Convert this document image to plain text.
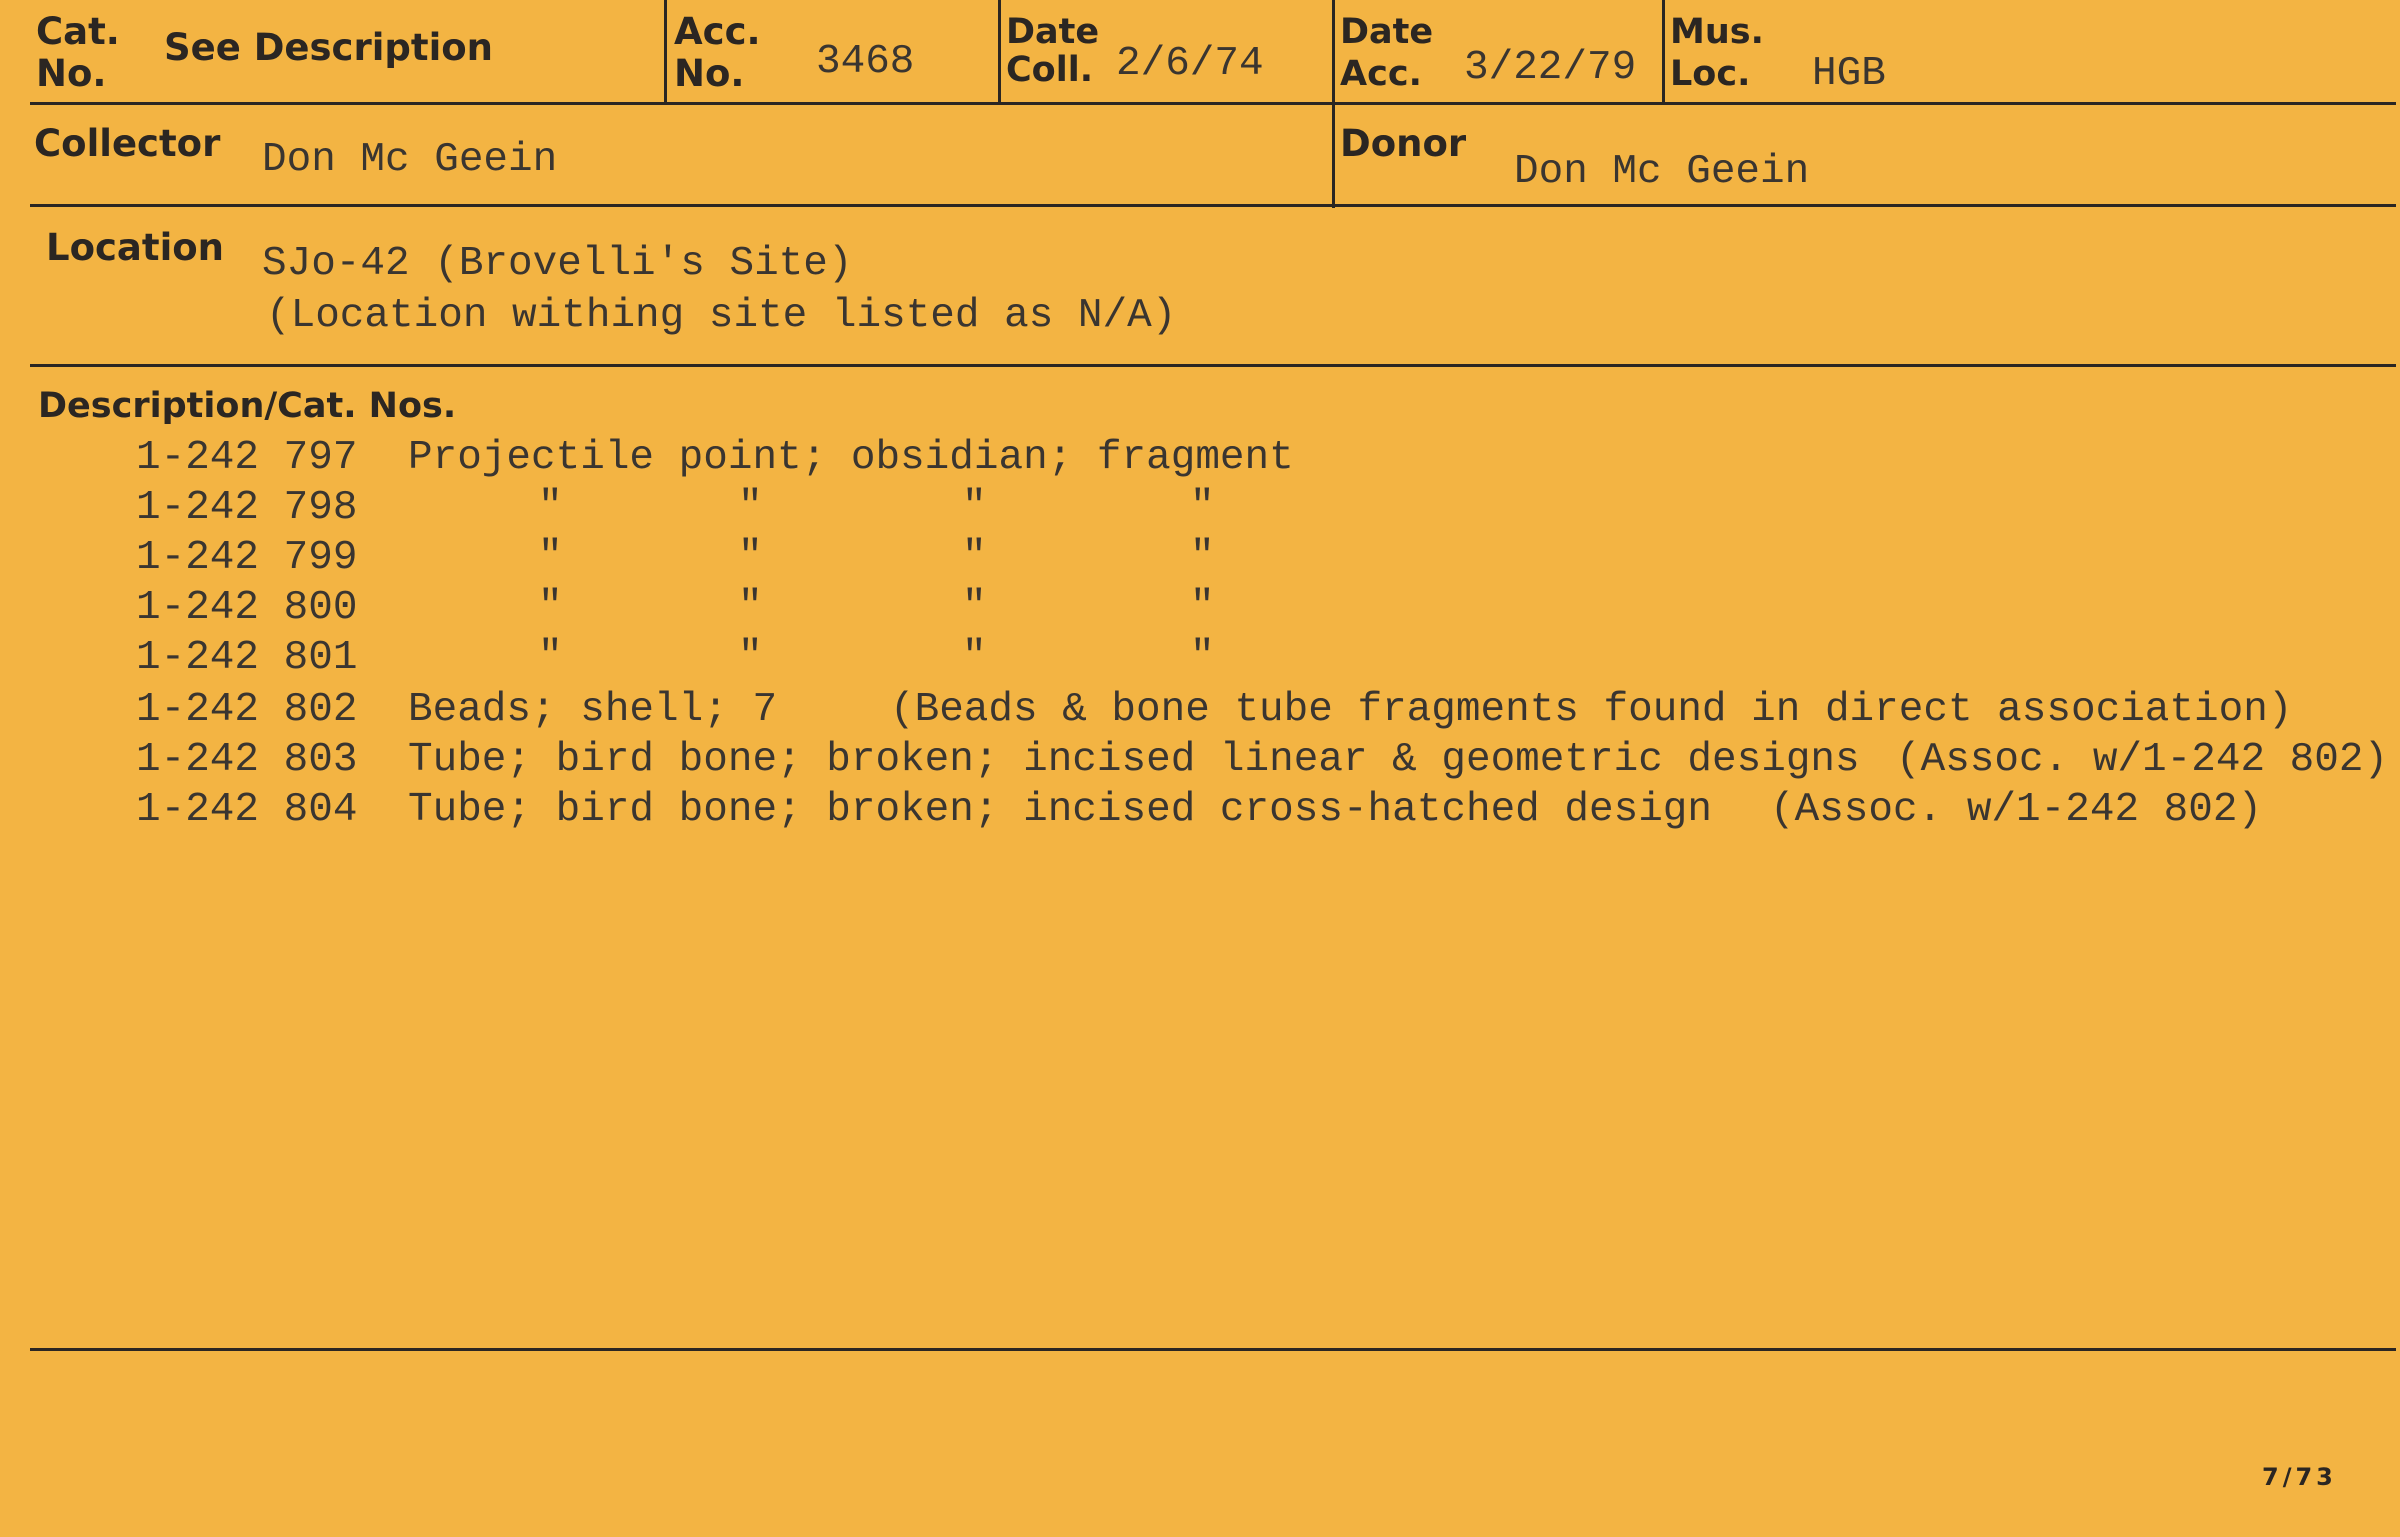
Cat.
No.
See Description	Acc.
No. 3468
Date
Coll. 2/6/74
Date
Acc. 3/22/79
Mus.
Loc. HGB
Collector Don Mc Geein	Donor
Don Mc Geein
Location SJo-42 (Brovelli's Site)
(Location withing site listed as N/A)
Description/Cat. Nos.
1-242 797 Projectile point; obsidian; fragment
1-242 798	"	"	"	"
1-242 799	"	"	"	"
1-242 800	"	"	"	"
1-242 801	"	"	"	"
1-242 802 Beads; shell; 7	(Beads & bone tube fragments found in direct association)
1-242 803 Tube; bird bone; broken; incised linear & geometric designs (Assoc. w/1-242 802)
1-242 804 Tube; bird bone; broken; incised cross-hatched design (Assoc. w/1-242 802)
7/73
